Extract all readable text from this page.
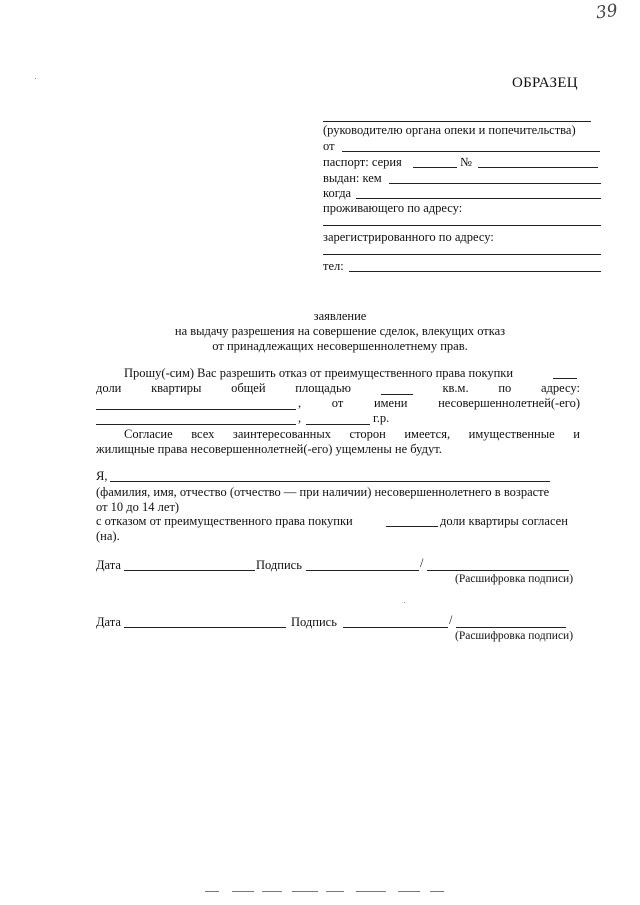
39
ОБРАЗЕЦ
(руководителю органа опеки и попечительства)
от
паспорт: серия	№
выдан: кем
когда
проживающего по адресу:
зарегистрированного по адресу:
тел:
заявление
на выдачу разрешения на совершение сделок, влекущих отказ
от принадлежащих несовершеннолетнему прав.
Прошу(-сим) Вас разрешить отказ от преимущественного права покупки
доли квартиры общей площадью	кв.м. по адресу:
, от имени несовершеннолетней(-его)
,	г.р.
Согласие всех заинтересованных сторон имеется, имущественные и
жилищные права несовершеннолетней(-его) ущемлены не будут.
Я,
(фамилия, имя, отчество (отчество — при наличии) несовершеннолетнего в возрасте
от 10 до 14 лет)
с отказом от преимущественного права покупки	доли квартиры согласен
(на).
Дата	Подпись	/
(Расшифровка подписи)
Дата	Подпись	/
(Расшифровка подписи)
